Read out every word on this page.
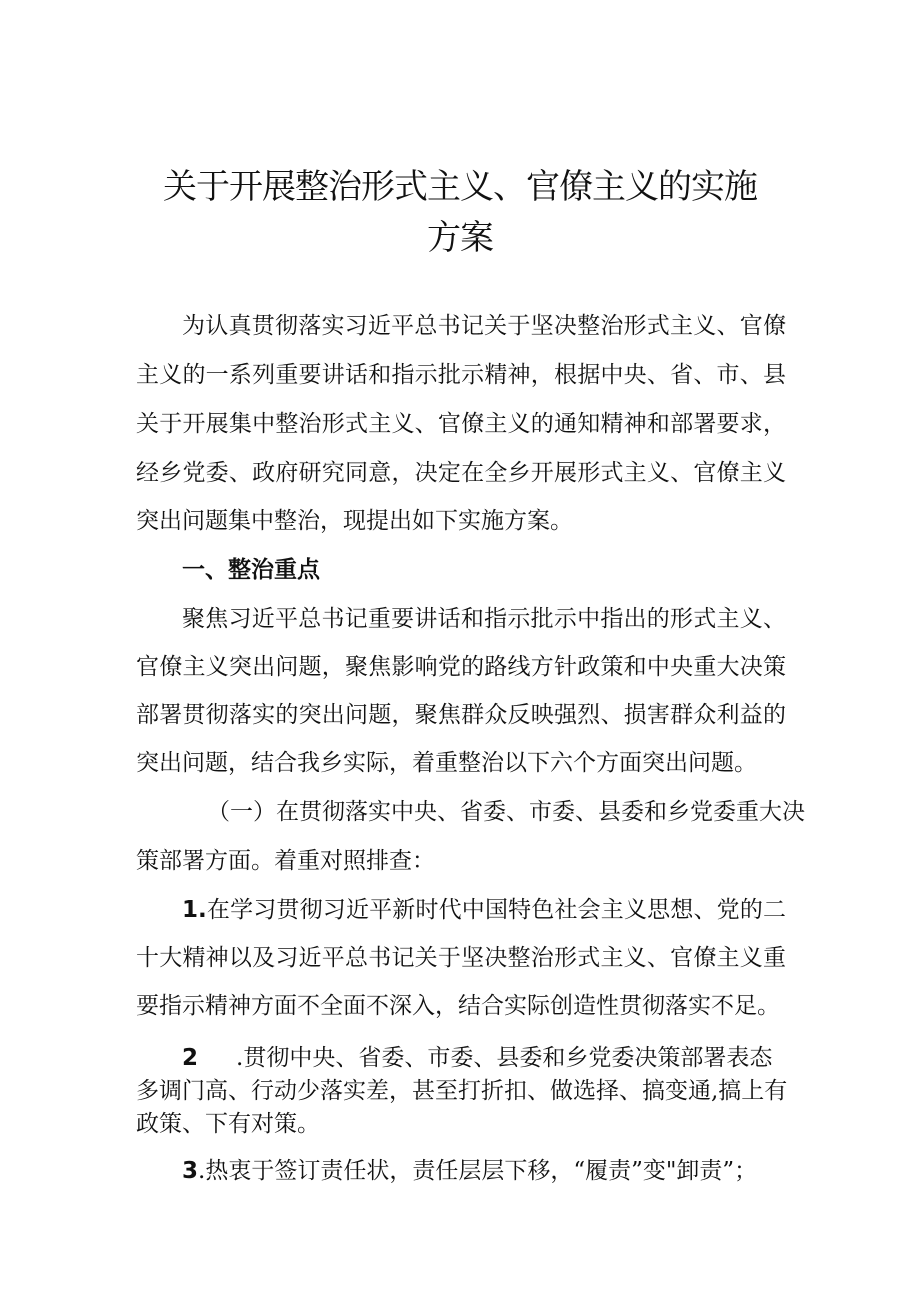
关于开展整治形式主义、官僚主义的实施
方案

为认真贯彻落实习近平总书记关于坚决整治形式主义、官僚

主义的一系列重要讲话和指示批示精神，根据中央、省、市、县

关于开展集中整治形式主义、官僚主义的通知精神和部署要求，

经乡党委、政府研究同意，决定在全乡开展形式主义、官僚主义

突出问题集中整治，现提出如下实施方案。

一、整治重点

聚焦习近平总书记重要讲话和指示批示中指出的形式主义、

官僚主义突出问题，聚焦影响党的路线方针政策和中央重大决策

部署贯彻落实的突出问题，聚焦群众反映强烈、损害群众利益的

突出问题，结合我乡实际，着重整治以下六个方面突出问题。

（一）在贯彻落实中央、省委、市委、县委和乡党委重大决

策部署方面。着重对照排查：

1.在学习贯彻习近平新时代中国特色社会主义思想、党的二

十大精神以及习近平总书记关于坚决整治形式主义、官僚主义重

要指示精神方面不全面不深入，结合实际创造性贯彻落实不足。

2 .贯彻中央、省委、市委、县委和乡党委决策部署表态

多调门高、行动少落实差，甚至打折扣、做选择、搞变通,搞上有

政策、下有对策。

3.热衷于签订责任状，责任层层下移，“履责”变"卸责”；
